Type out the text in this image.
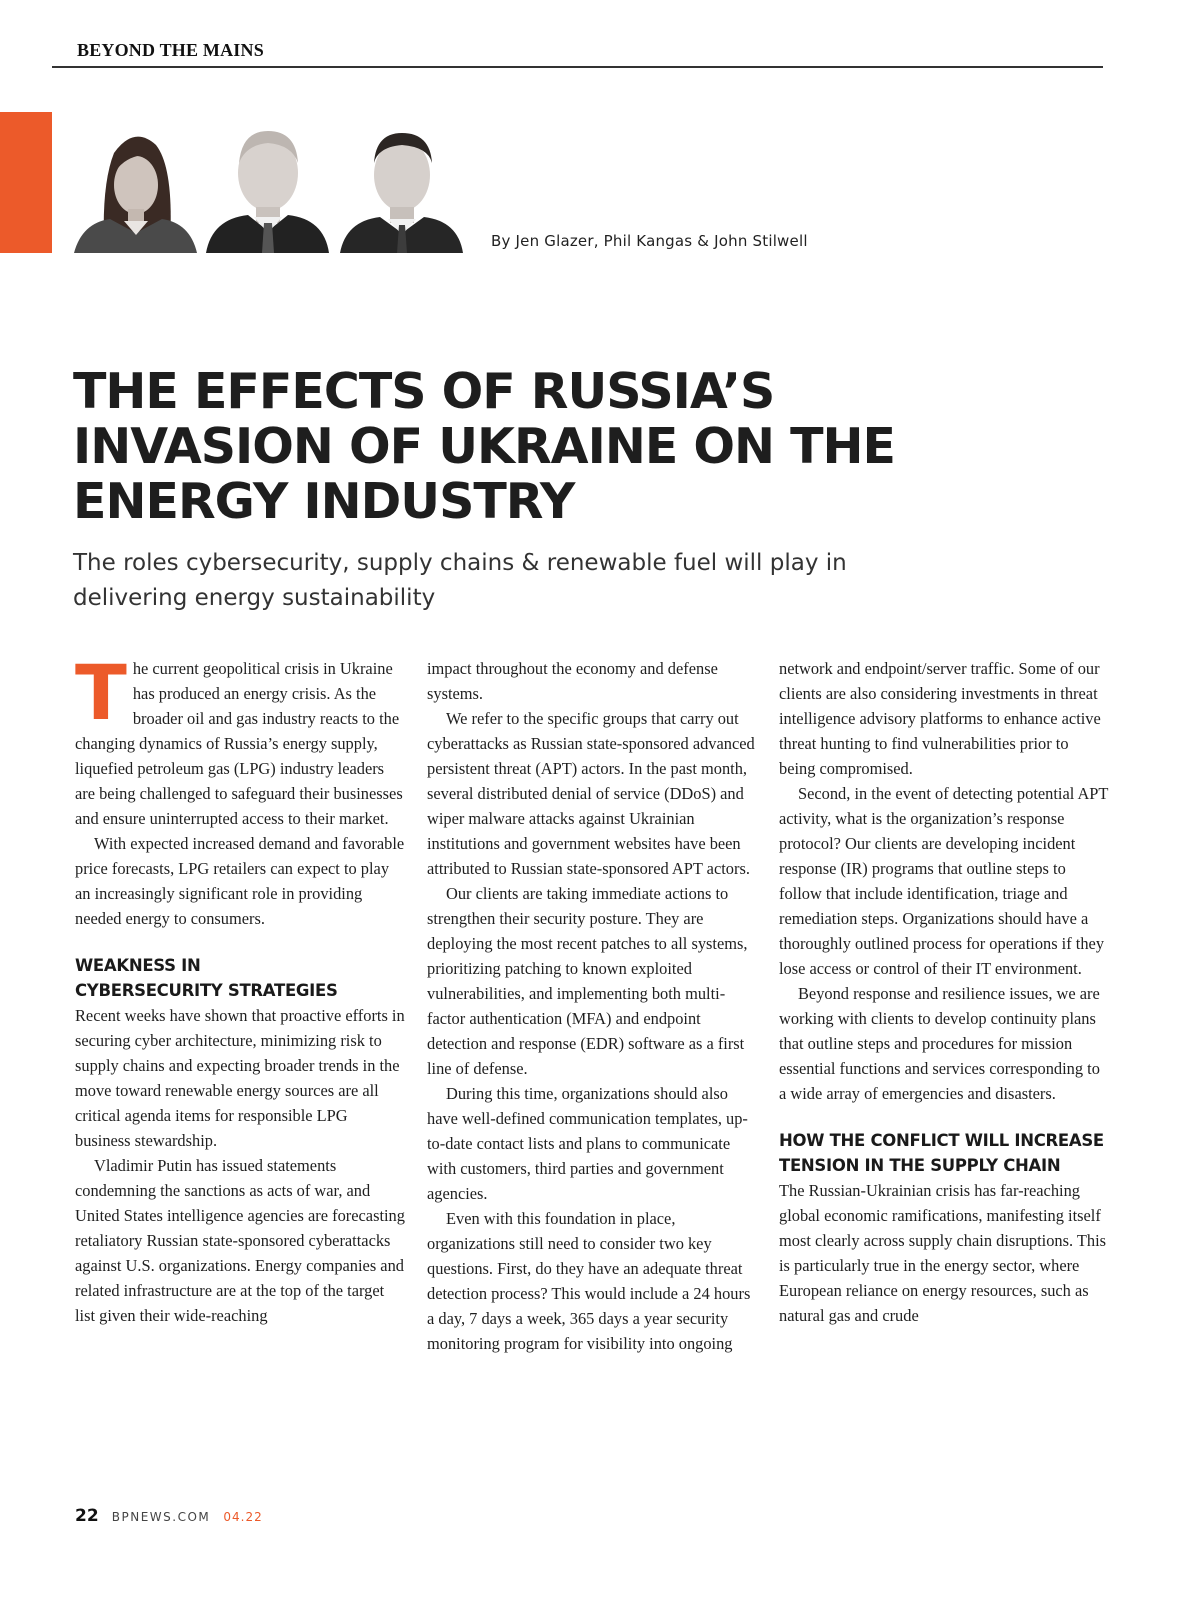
BEYOND THE MAINS
By Jen Glazer, Phil Kangas & John Stilwell
THE EFFECTS OF RUSSIA’S
INVASION OF UKRAINE ON THE
ENERGY INDUSTRY

The roles cybersecurity, supply chains & renewable fuel will play in delivering energy sustainability

The current geopolitical crisis in Ukraine has produced an energy crisis. As the broader oil and gas industry reacts to the changing dynamics of Russia’s energy supply, liquefied petroleum gas (LPG) industry leaders are being challenged to safeguard their businesses and ensure uninterrupted access to their market.

With expected increased demand and favorable price forecasts, LPG retailers can expect to play an increasingly significant role in providing needed energy to consumers.

WEAKNESS IN
CYBERSECURITY STRATEGIES

Recent weeks have shown that proactive efforts in securing cyber architecture, minimizing risk to supply chains and expecting broader trends in the move toward renewable energy sources are all critical agenda items for responsible LPG business stewardship.

Vladimir Putin has issued statements condemning the sanctions as acts of war, and United States intelligence agencies are forecasting retaliatory Russian state-sponsored cyberattacks against U.S. organizations. Energy companies and related infrastructure are at the top of the target list given their wide-reaching

impact throughout the economy and defense systems.

We refer to the specific groups that carry out cyberattacks as Russian state-sponsored advanced persistent threat (APT) actors. In the past month, several distributed denial of service (DDoS) and wiper malware attacks against Ukrainian institutions and government websites have been attributed to Russian state-sponsored APT actors.

Our clients are taking immediate actions to strengthen their security posture. They are deploying the most recent patches to all systems, prioritizing patching to known exploited vulnerabilities, and implementing both multi-factor authentication (MFA) and endpoint detection and response (EDR) software as a first line of defense.

During this time, organizations should also have well-defined communication templates, up-to-date contact lists and plans to communicate with customers, third parties and government agencies.

Even with this foundation in place, organizations still need to consider two key questions. First, do they have an adequate threat detection process? This would include a 24 hours a day, 7 days a week, 365 days a year security monitoring program for visibility into ongoing

network and endpoint/server traffic. Some of our clients are also considering investments in threat intelligence advisory platforms to enhance active threat hunting to find vulnerabilities prior to being compromised.

Second, in the event of detecting potential APT activity, what is the organization’s response protocol? Our clients are developing incident response (IR) programs that outline steps to follow that include identification, triage and remediation steps. Organizations should have a thoroughly outlined process for operations if they lose access or control of their IT environment.

Beyond response and resilience issues, we are working with clients to develop continuity plans that outline steps and procedures for mission essential functions and services corresponding to a wide array of emergencies and disasters.

HOW THE CONFLICT WILL INCREASE
TENSION IN THE SUPPLY CHAIN

The Russian-Ukrainian crisis has far-reaching global economic ramifications, manifesting itself most clearly across supply chain disruptions. This is particularly true in the energy sector, where European reliance on energy resources, such as natural gas and crude

22 BPNEWS.COM 04.22
